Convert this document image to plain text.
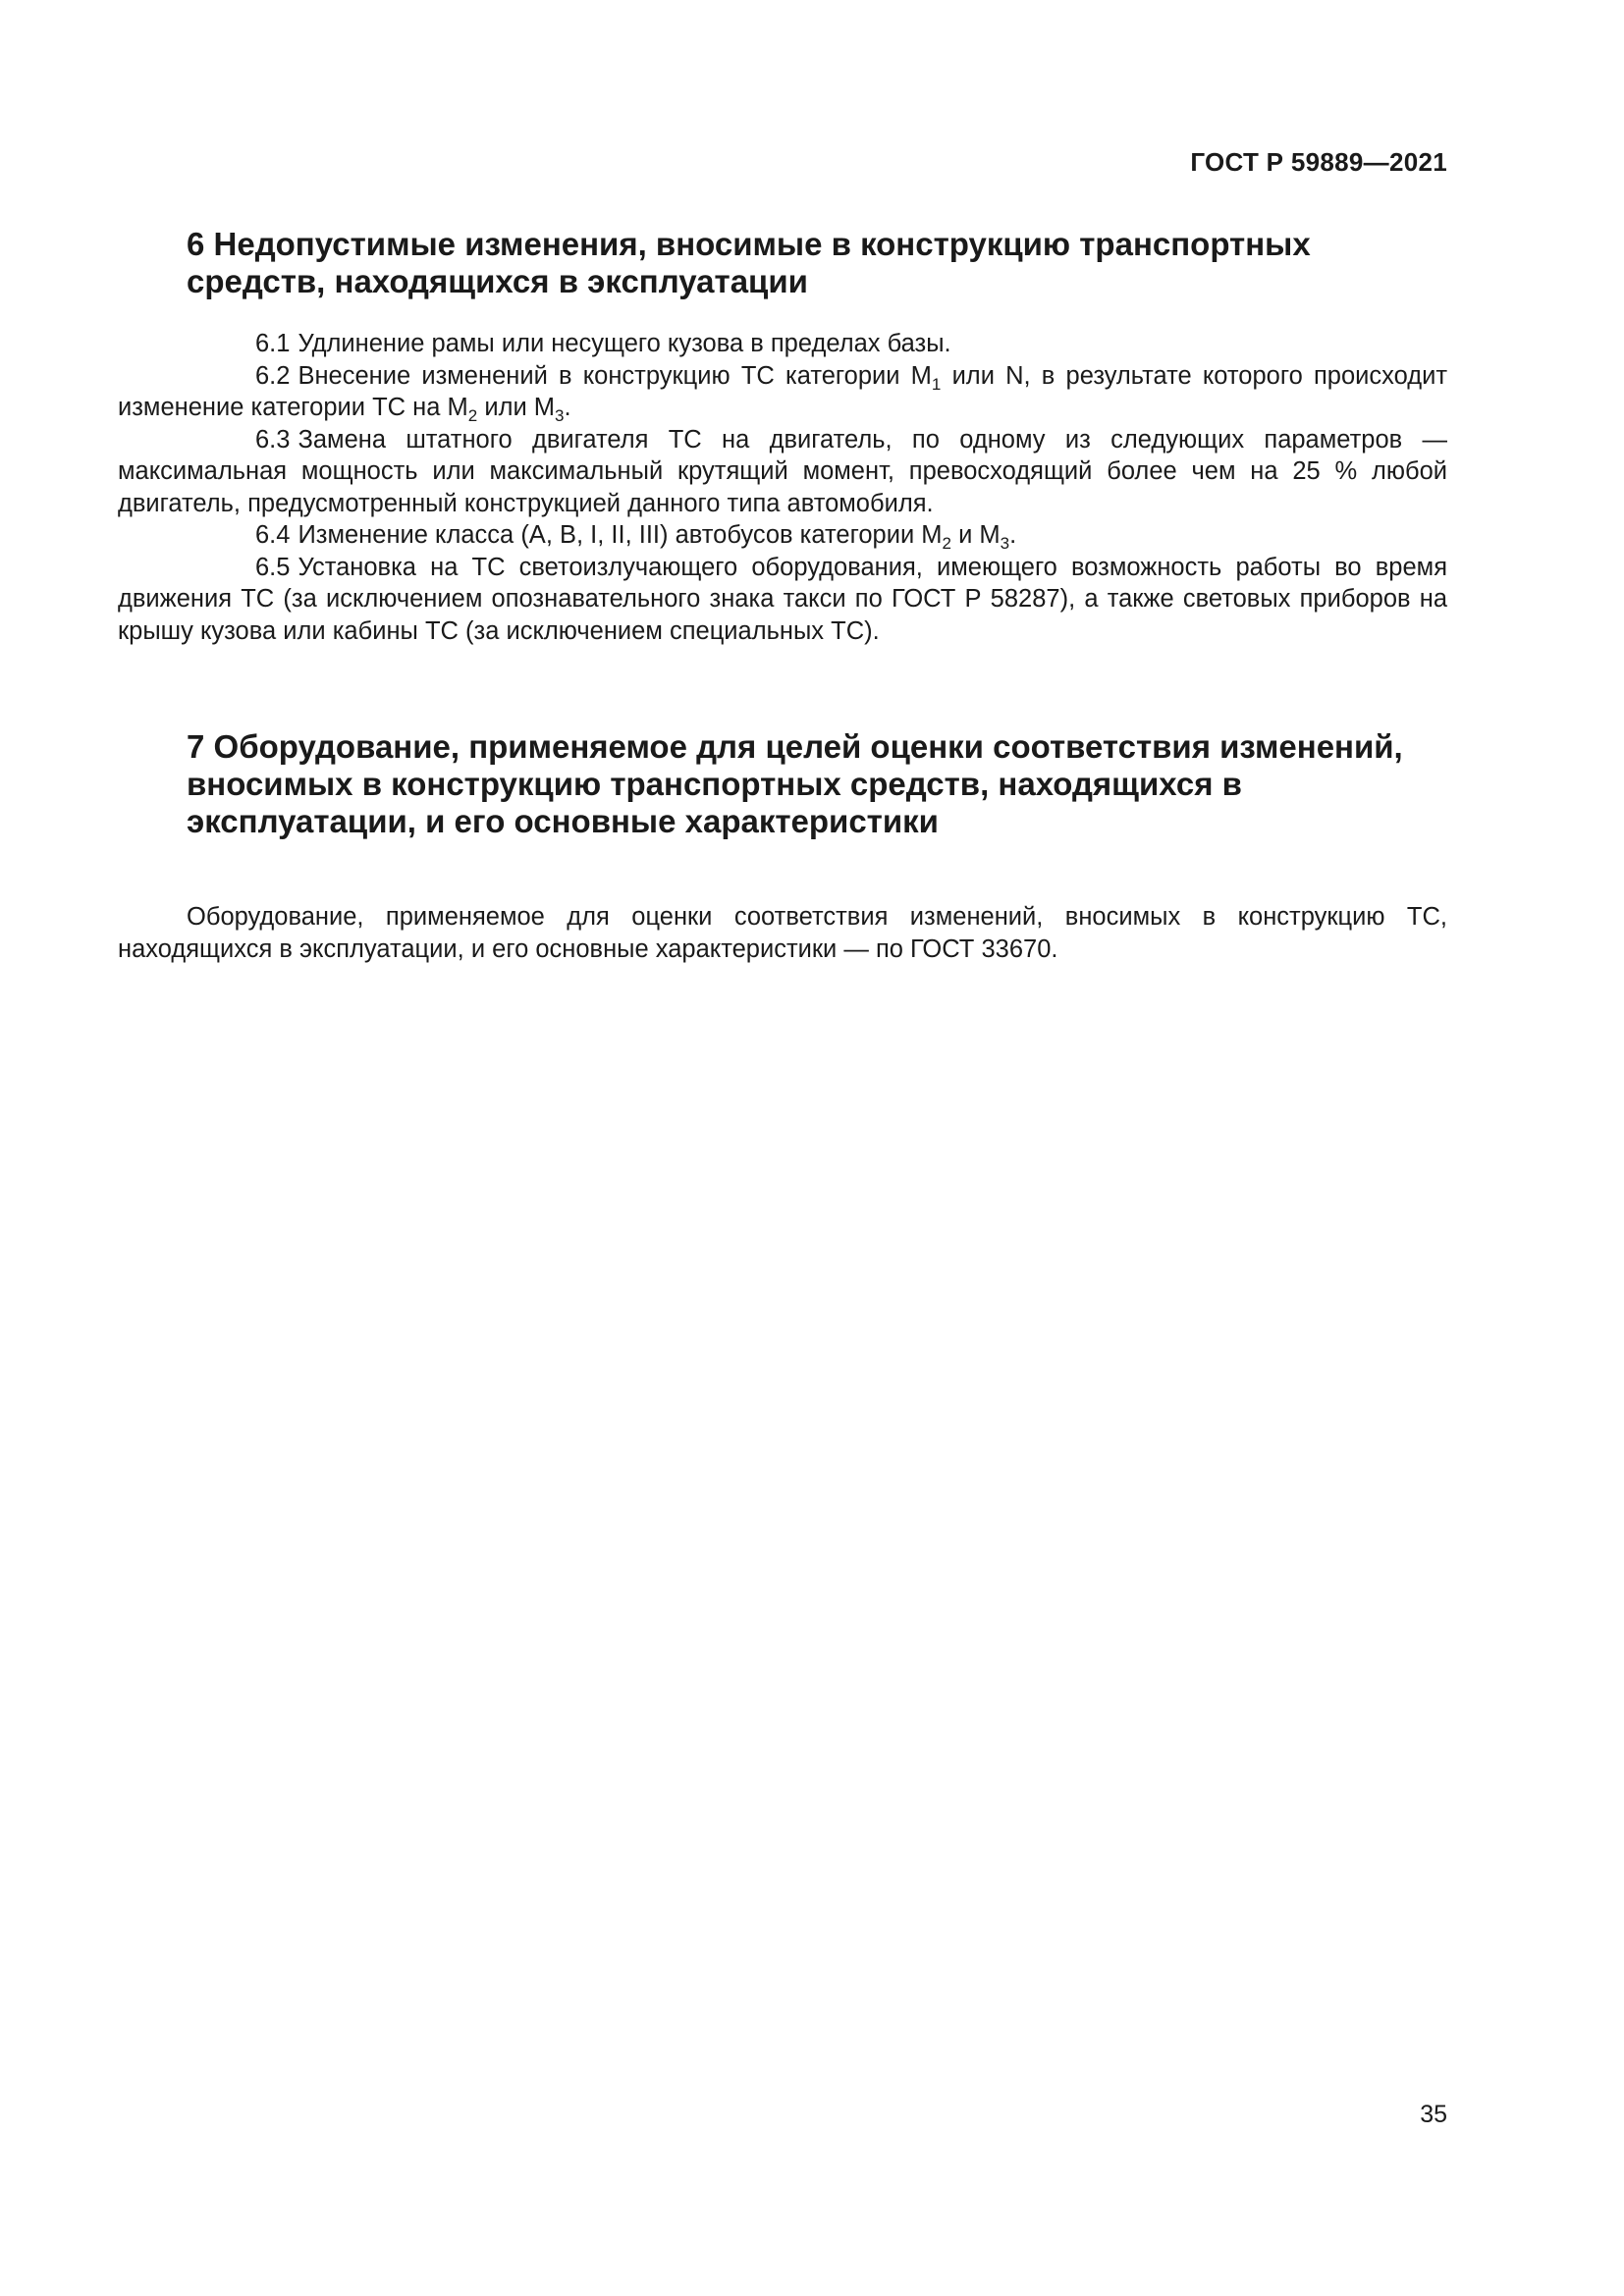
ГОСТ Р 59889—2021
6 Недопустимые изменения, вносимые в конструкцию транспортных средств, находящихся в эксплуатации

6.1 Удлинение рамы или несущего кузова в пределах базы.

6.2 Внесение изменений в конструкцию ТС категории $М_1$ или N, в результате которого происходит изменение категории ТС на $М_2$ или $М_3$.

6.3 Замена штатного двигателя ТС на двигатель, по одному из следующих параметров — максимальная мощность или максимальный крутящий момент, превосходящий более чем на 25 % любой двигатель, предусмотренный конструкцией данного типа автомобиля.

6.4 Изменение класса (А, В, I, II, III) автобусов категории $М_2$ и $М_3$.

6.5 Установка на ТС светоизлучающего оборудования, имеющего возможность работы во время движения ТС (за исключением опознавательного знака такси по ГОСТ Р 58287), а также световых приборов на крышу кузова или кабины ТС (за исключением специальных ТС).

7 Оборудование, применяемое для целей оценки соответствия изменений, вносимых в конструкцию транспортных средств, находящихся в эксплуатации, и его основные характеристики

Оборудование, применяемое для оценки соответствия изменений, вносимых в конструкцию ТС, находящихся в эксплуатации, и его основные характеристики — по ГОСТ 33670.

35
